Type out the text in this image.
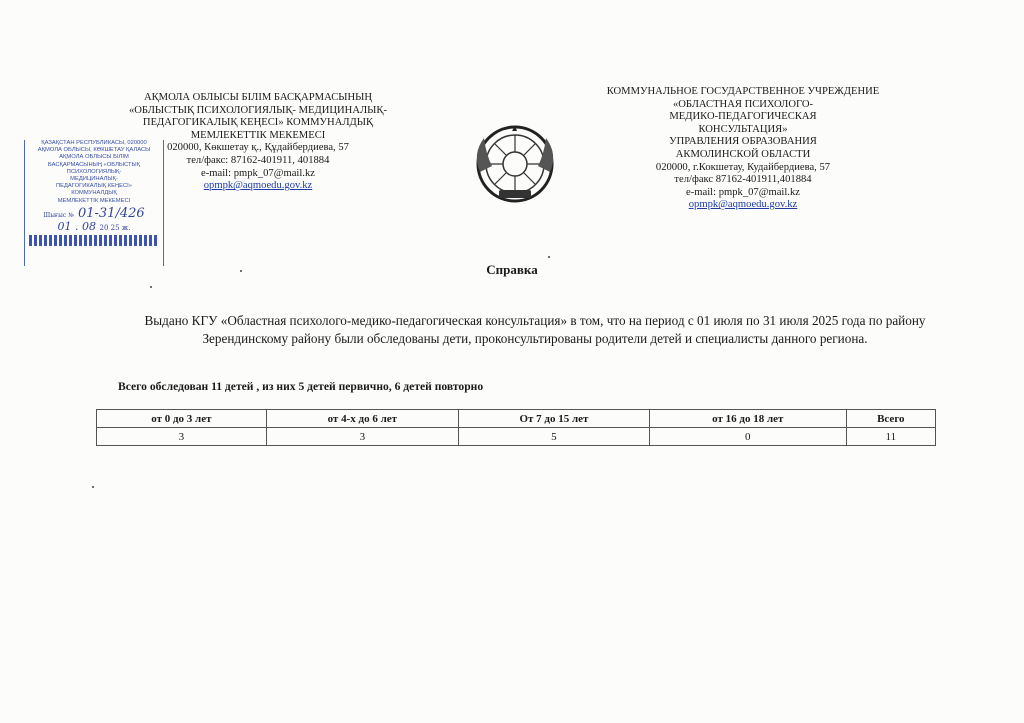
АҚМОЛА ОБЛЫСЫ БІЛІМ БАСҚАРМАСЫНЫҢ
«ОБЛЫСТЫҚ ПСИХОЛОГИЯЛЫҚ- МЕДИЦИНАЛЫҚ-
ПЕДАГОГИКАЛЫҚ КЕҢЕСІ» КОММУНАЛДЫҚ
МЕМЛЕКЕТТІК МЕКЕМЕСІ
020000, Көкшетау қ., Құдайбердиева, 57
тел/факс: 87162-401911, 401884
e-mail: pmpk_07@mail.kz
opmpk@aqmoedu.gov.kz
ҚАЗАҚСТАН РЕСПУБЛИКАСЫ, 020000
АҚМОЛА ОБЛЫСЫ, КӨКШЕТАУ ҚАЛАСЫ
АҚМОЛА ОБЛЫСЫ БІЛІМ
БАСҚАРМАСЫНЫҢ «ОБЛЫСТЫҚ
ПСИХОЛОГИЯЛЫҚ-
МЕДИЦИНАЛЫҚ-
ПЕДАГОГИКАЛЫҚ КЕҢЕСІ»
КОММУНАЛДЫҚ
МЕМЛЕКЕТТІК МЕКЕМЕСІ
Шығыс № 01-31/426
01 . 08 20 25 ж.
КОММУНАЛЬНОЕ ГОСУДАРСТВЕННОЕ УЧРЕЖДЕНИЕ
«ОБЛАСТНАЯ ПСИХОЛОГО-
МЕДИКО-ПЕДАГОГИЧЕСКАЯ
КОНСУЛЬТАЦИЯ»
УПРАВЛЕНИЯ ОБРАЗОВАНИЯ
АКМОЛИНСКОЙ ОБЛАСТИ
020000, г.Кокшетау, Кудайбердиева, 57
тел/факс 87162-401911,401884
e-mail: pmpk_07@mail.kz
opmpk@aqmoedu.gov.kz
Справка
Выдано КГУ «Областная психолого-медико-педагогическая консультация» в том, что на период с 01 июля по 31 июля 2025 года по району Зерендинскому району были обследованы дети, проконсультированы родители детей и специалисты данного региона.
Всего обследован 11 детей , из них 5 детей первично, 6 детей повторно
от 0 до 3 лет	от 4-х до 6 лет	От 7 до 15 лет	от 16 до 18 лет	Всего
3	3	5	0	11
